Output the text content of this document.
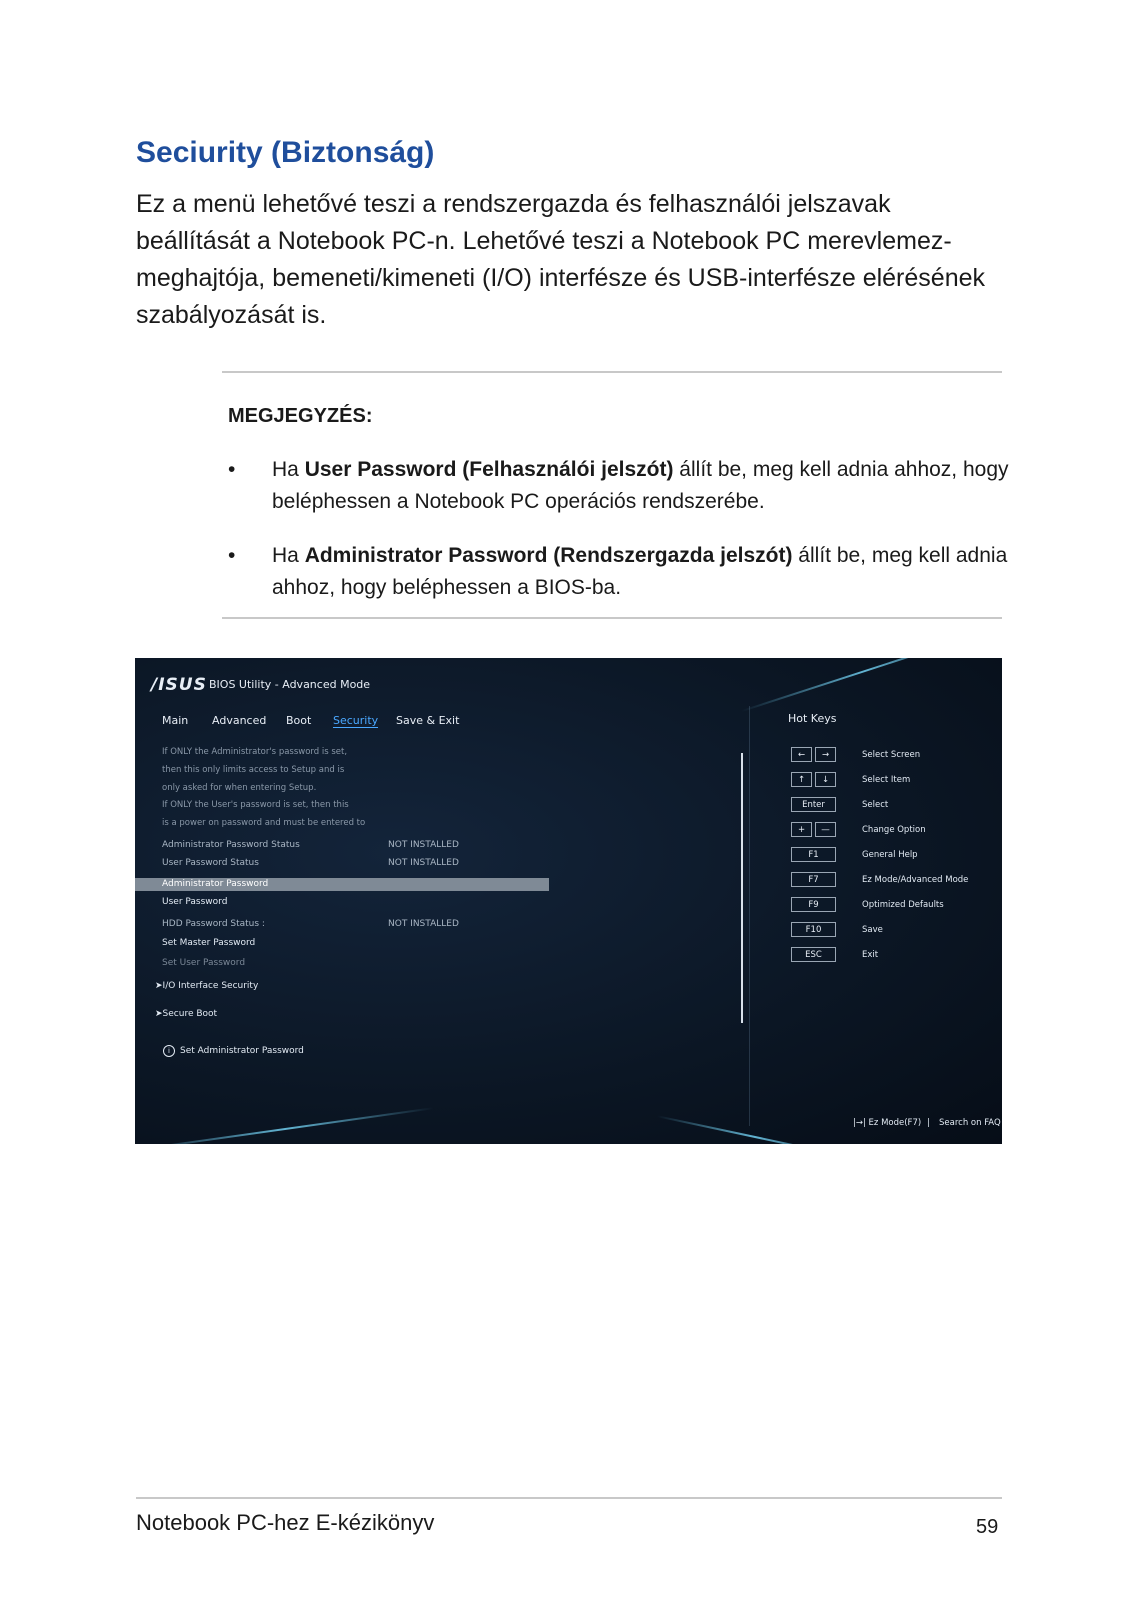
Seciurity (Biztonság)
Ez a menü lehetővé teszi a rendszergazda és felhasználói jelszavak beállítását a Notebook PC-n. Lehetővé teszi a Notebook PC merevlemez-meghajtója, bemeneti/kimeneti (I/O) interfésze és USB-interfésze elérésének szabályozását is.
MEGJEGYZÉS:
• Ha User Password (Felhasználói jelszót) állít be, meg kell adnia ahhoz, hogy beléphessen a Notebook PC operációs rendszerébe.
• Ha Administrator Password (Rendszergazda jelszót) állít be, meg kell adnia ahhoz, hogy beléphessen a BIOS-ba.
/ISUS BIOS Utility - Advanced Mode
Main Advanced Boot Security Save & Exit
If ONLY the Administrator's password is set,
then this only limits access to Setup and is
only asked for when entering Setup.
If ONLY the User's password is set, then this
is a power on password and must be entered to
Administrator Password Status	NOT INSTALLED
User Password Status	NOT INSTALLED
Administrator Password
User Password
HDD Password Status :	NOT INSTALLED
Set Master Password
Set User Password
➤I/O Interface Security
➤Secure Boot
i Set Administrator Password
Hot Keys
←	→	Select Screen
↑	↓	Select Item
Enter	Select
+	—	Change Option
F1	General Help
F7	Ez Mode/Advanced Mode
F9	Optimized Defaults
F10	Save
ESC	Exit
|→| Ez Mode(F7) | Search on FAQ
Notebook PC-hez E-kézikönyv	59
